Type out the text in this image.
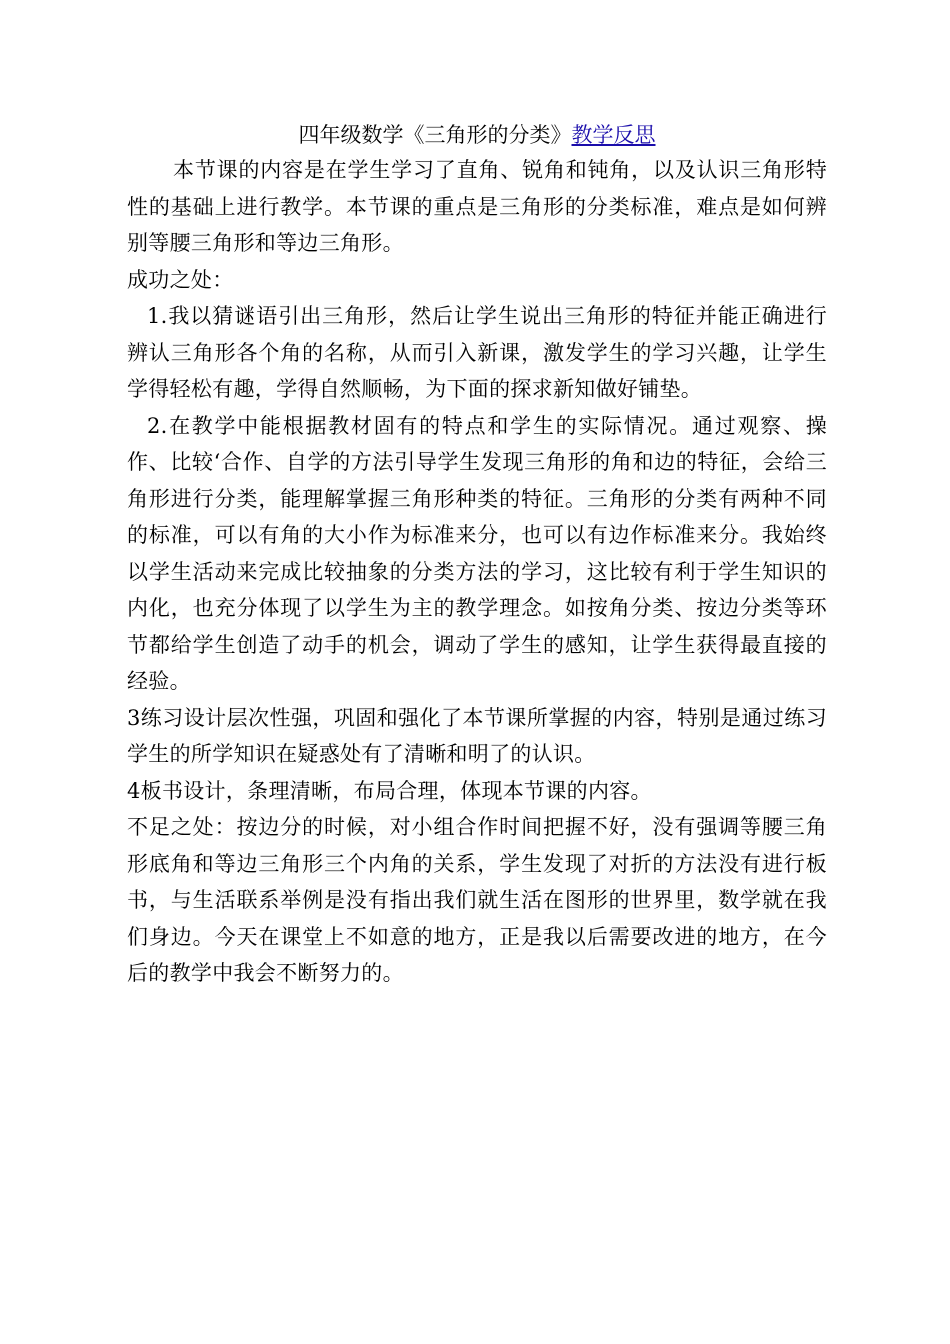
四年级数学《三角形的分类》教学反思

本节课的内容是在学生学习了直角、锐角和钝角，以及认识三角形特性的基础上进行教学。本节课的重点是三角形的分类标准，难点是如何辨别等腰三角形和等边三角形。

成功之处：

1.我以猜谜语引出三角形，然后让学生说出三角形的特征并能正确进行辨认三角形各个角的名称，从而引入新课，激发学生的学习兴趣，让学生学得轻松有趣，学得自然顺畅，为下面的探求新知做好铺垫。

2.在教学中能根据教材固有的特点和学生的实际情况。通过观察、操作、比较‘合作、自学的方法引导学生发现三角形的角和边的特征，会给三角形进行分类，能理解掌握三角形种类的特征。三角形的分类有两种不同的标准，可以有角的大小作为标准来分，也可以有边作标准来分。我始终以学生活动来完成比较抽象的分类方法的学习，这比较有利于学生知识的内化，也充分体现了以学生为主的教学理念。如按角分类、按边分类等环节都给学生创造了动手的机会，调动了学生的感知，让学生获得最直接的经验。

3练习设计层次性强，巩固和强化了本节课所掌握的内容，特别是通过练习学生的所学知识在疑惑处有了清晰和明了的认识。

4板书设计，条理清晰，布局合理，体现本节课的内容。

不足之处：按边分的时候，对小组合作时间把握不好，没有强调等腰三角形底角和等边三角形三个内角的关系，学生发现了对折的方法没有进行板书，与生活联系举例是没有指出我们就生活在图形的世界里，数学就在我们身边。今天在课堂上不如意的地方，正是我以后需要改进的地方，在今后的教学中我会不断努力的。
